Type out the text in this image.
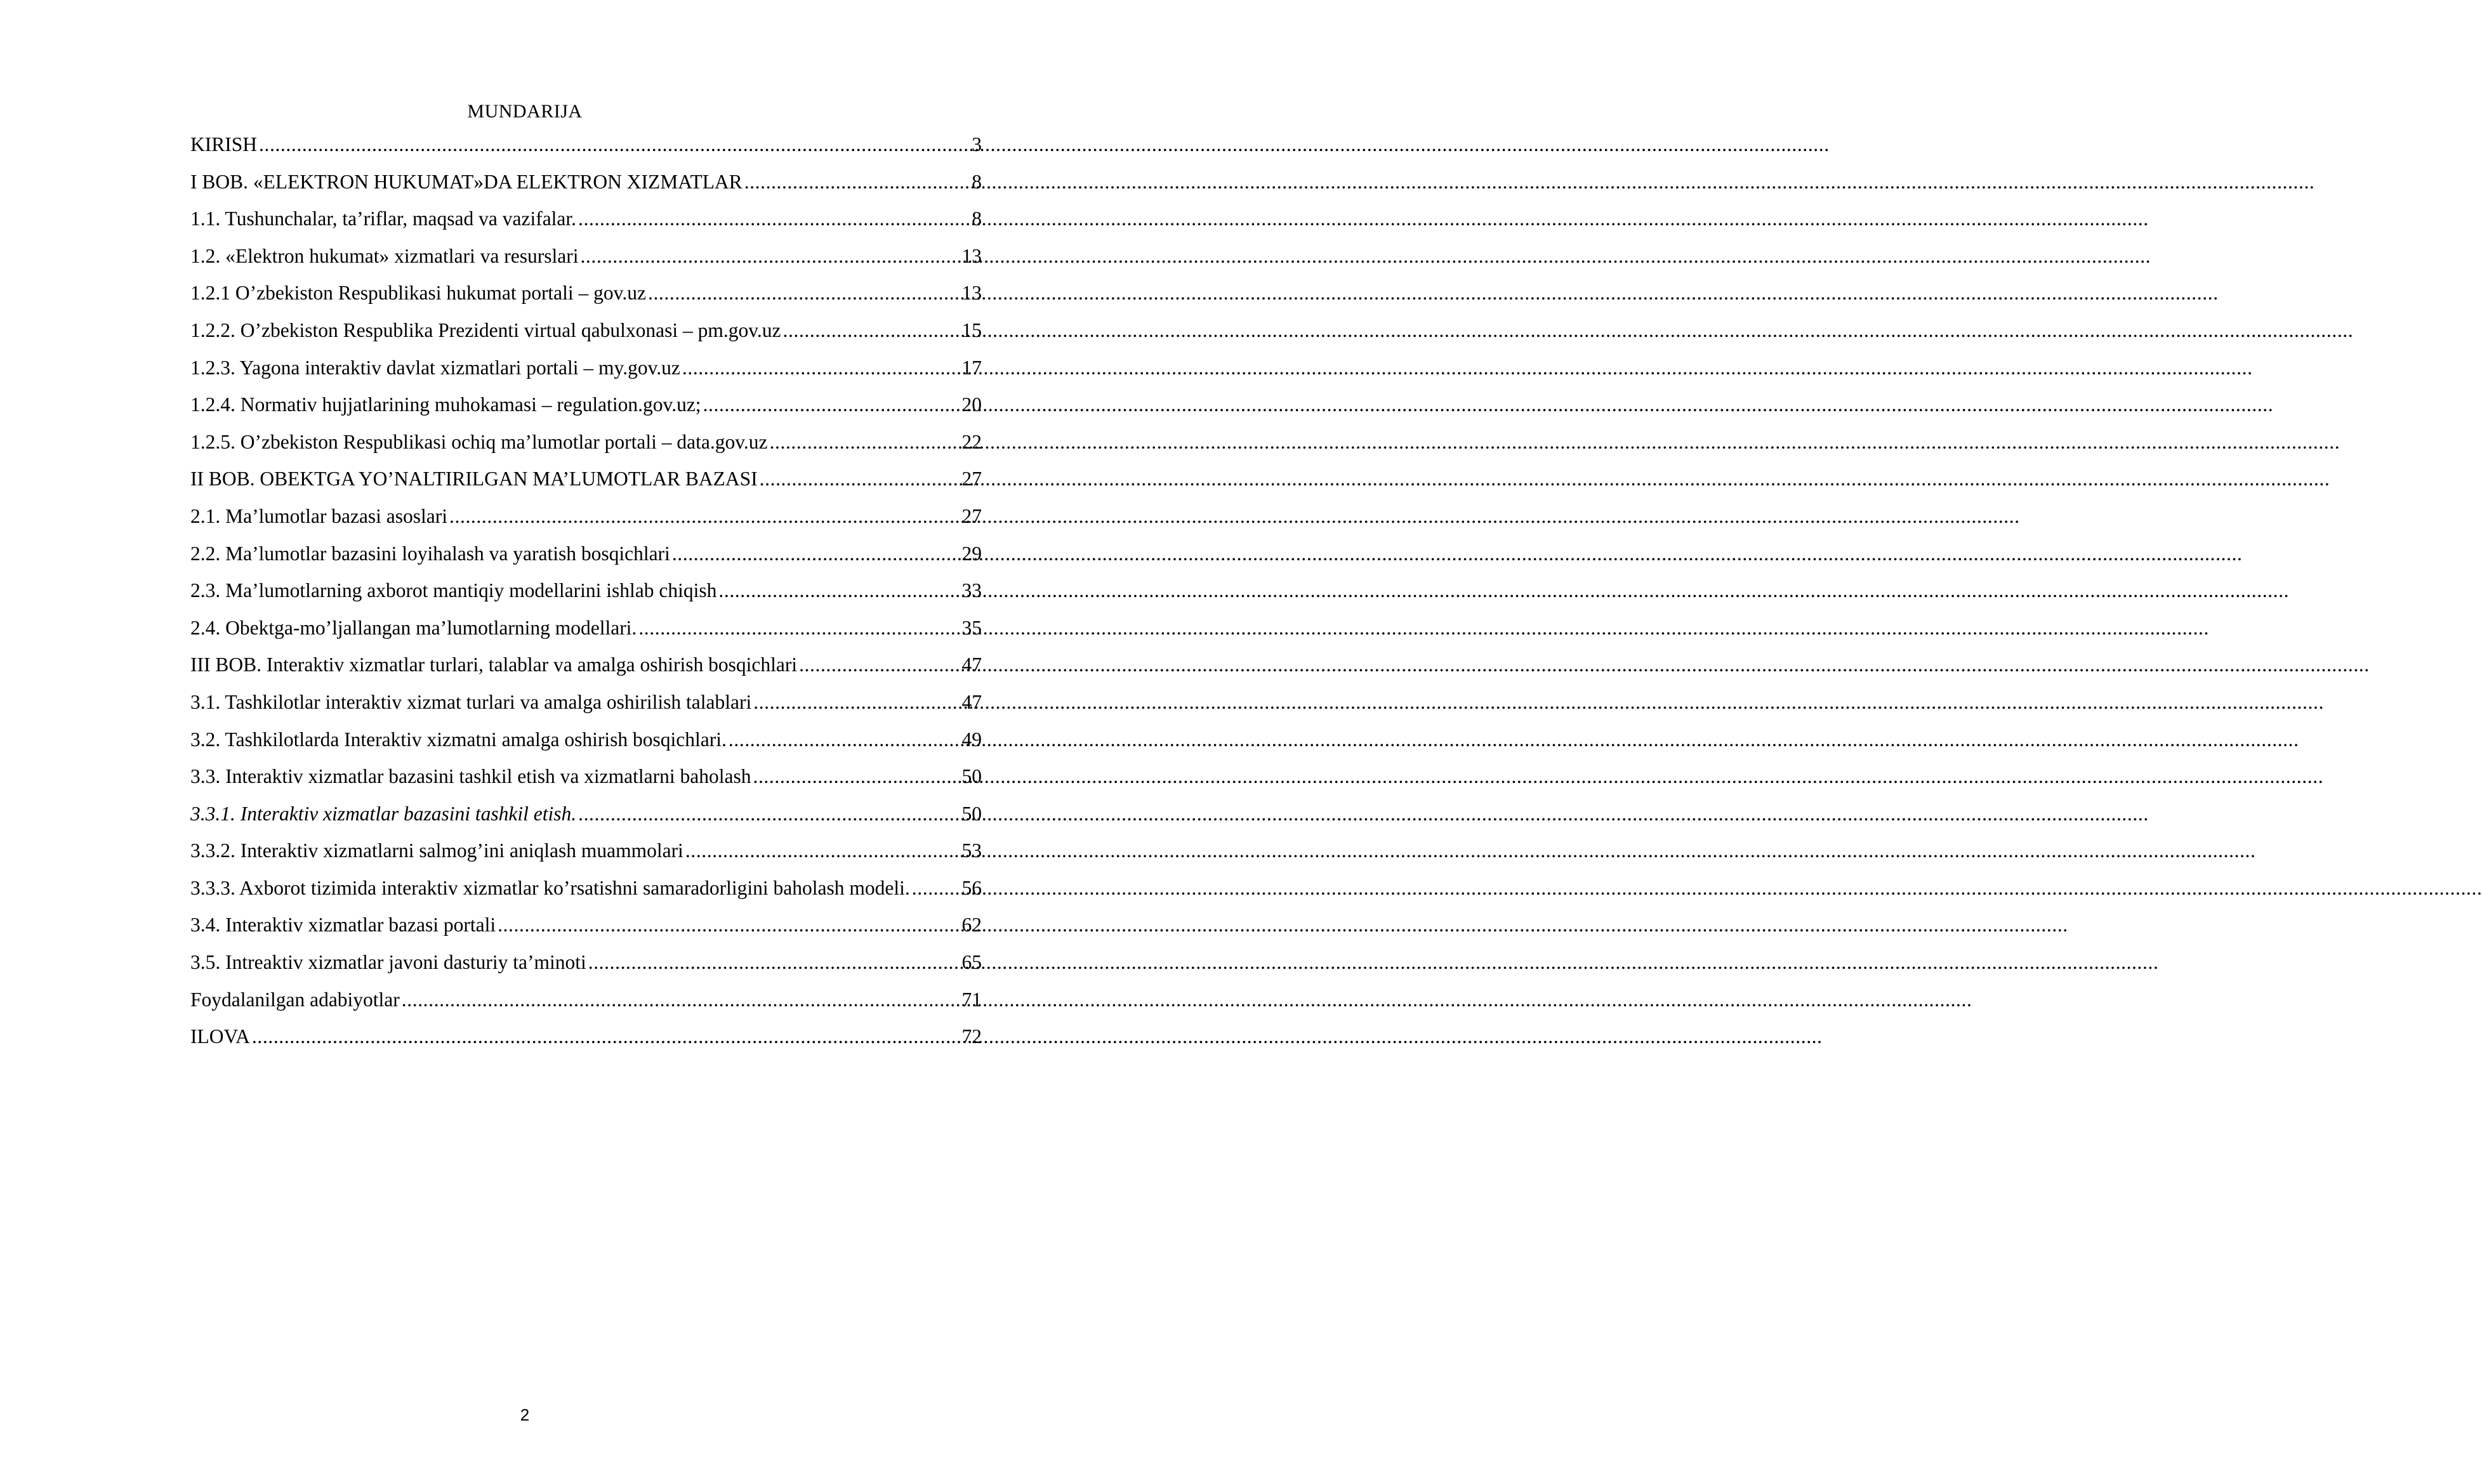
MUNDARIJA
KIRISH .....	3
I BOB. «ELEKTRON HUKUMAT»DA ELEKTRON XIZMATLAR .....	8
1.1. Tushunchalar, ta’riflar, maqsad va vazifalar. .....	8
1.2. «Elektron hukumat» xizmatlari va resurslari .....	13
1.2.1 O’zbekiston Respublikasi hukumat portali – gov.uz .....	13
1.2.2. O’zbekiston Respublika Prezidenti virtual qabulxonasi – pm.gov.uz .....	15
1.2.3. Yagona interaktiv davlat xizmatlari portali – my.gov.uz .....	17
1.2.4. Normativ hujjatlarining muhokamasi – regulation.gov.uz; .....	20
1.2.5. O’zbekiston Respublikasi ochiq ma’lumotlar portali – data.gov.uz .....	22
II BOB. OBEKTGA YO’NALTIRILGAN MA’LUMOTLAR BAZASI .....	27
2.1. Ma’lumotlar bazasi asoslari .....	27
2.2. Ma’lumotlar bazasini loyihalash va yaratish bosqichlari .....	29
2.3. Ma’lumotlarning axborot mantiqiy modellarini ishlab chiqish .....	33
2.4. Obektga-mo’ljallangan ma’lumotlarning modellari. .....	35
III BOB. Interaktiv xizmatlar turlari, talablar va amalga oshirish bosqichlari .....	47
3.1. Tashkilotlar interaktiv xizmat turlari va amalga oshirilish talablari .....	47
3.2. Tashkilotlarda Interaktiv xizmatni amalga oshirish bosqichlari. .....	49
3.3. Interaktiv xizmatlar bazasini tashkil etish va xizmatlarni baholash .....	50
3.3.1. Interaktiv xizmatlar bazasini tashkil etish. .....	50
3.3.2. Interaktiv xizmatlarni salmog’ini aniqlash muammolari .....	53
3.3.3. Axborot tizimida interaktiv xizmatlar ko’rsatishni samaradorligini baholash modeli. .....	56
3.4. Interaktiv xizmatlar bazasi portali .....	62
3.5. Intreaktiv xizmatlar javoni dasturiy ta’minoti .....	65
Foydalanilgan adabiyotlar .....	71
ILOVA .....	72
2
